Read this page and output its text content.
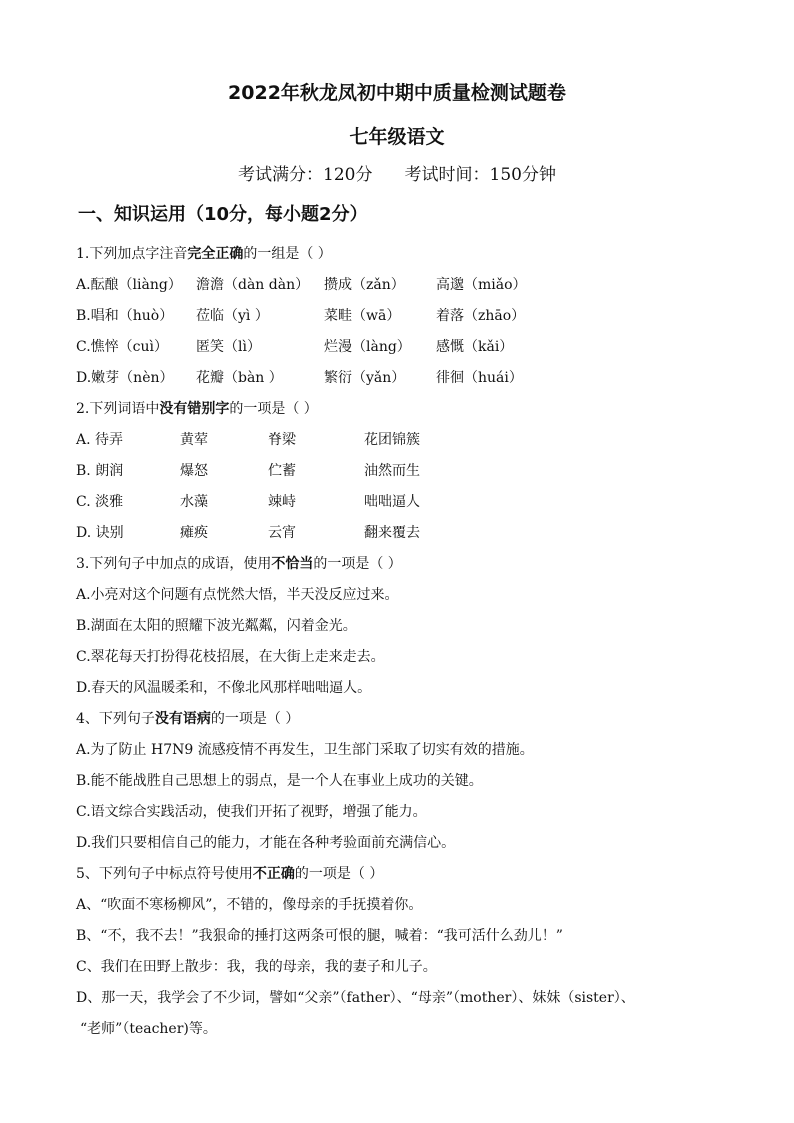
2022年秋龙凤初中期中质量检测试题卷
七年级语文
考试满分：120分 考试时间：150分钟
一、知识运用（10分，每小题2分）
1.下列加点字注音完全正确的一组是（ ）
A.酝酿（liàng） 澹澹（dàn dàn） 攒成（zǎn） 高邈（miǎo）
B.唱和（huò） 莅临（yì ）	菜畦（wā）	着落（zhāo）
C.憔悴（cuì） 匿笑（lì）	烂漫（làng） 感慨（kǎi）
D.嫩芽（nèn） 花瓣（bàn ）	繁衍（yǎn） 徘徊（huái）
2.下列词语中没有错别字的一项是（ ）
A. 待弄	黄荤	脊梁	花团锦簇
B. 朗润	爆怒	伫蓄	油然而生
C. 淡雅	水藻	竦峙	咄咄逼人
D. 诀别	瘫痪	云宵	翻来覆去
3.下列句子中加点的成语，使用不恰当的一项是（ ）
A.小亮对这个问题有点恍然大悟，半天没反应过来。
B.湖面在太阳的照耀下波光粼粼，闪着金光。
C.翠花每天打扮得花枝招展，在大街上走来走去。
D.春天的风温暖柔和，不像北风那样咄咄逼人。
4、下列句子没有语病的一项是（ ）
A.为了防止 H7N9 流感疫情不再发生，卫生部门采取了切实有效的措施。
B.能不能战胜自己思想上的弱点，是一个人在事业上成功的关键。
C.语文综合实践活动，使我们开拓了视野，增强了能力。
D.我们只要相信自己的能力，才能在各种考验面前充满信心。
5、下列句子中标点符号使用不正确的一项是（ ）
A、“吹面不寒杨柳风”，不错的，像母亲的手抚摸着你。
B、“不，我不去！”我狠命的捶打这两条可恨的腿，喊着：“我可活什么劲儿！”
C、我们在田野上散步：我，我的母亲，我的妻子和儿子。
D、那一天，我学会了不少词，譬如“父亲”（father）、“母亲”（mother）、妹妹（sister）、
“老师”（teacher)等。
